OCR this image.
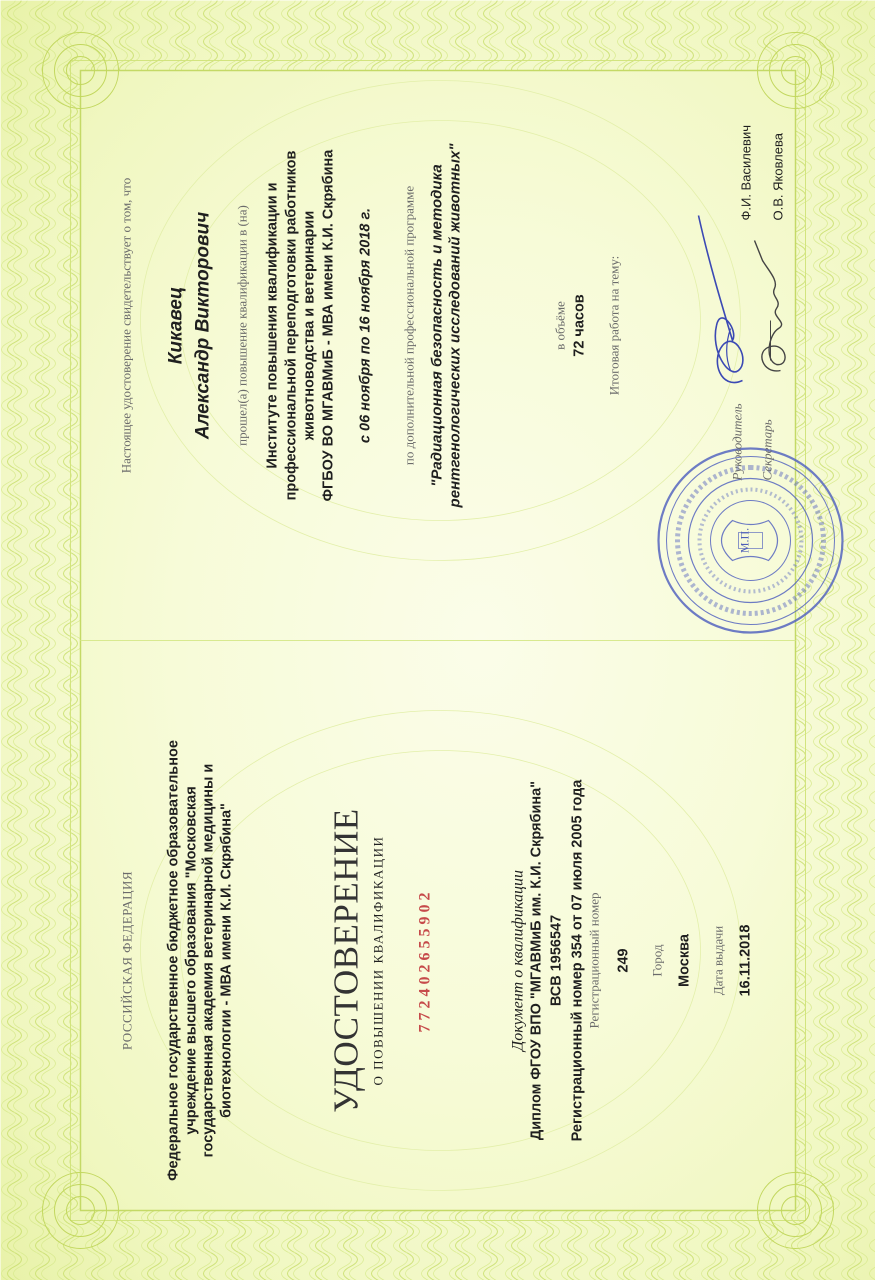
РОССИЙСКАЯ ФЕДЕРАЦИЯ Федеральное государственное бюджетное образовательное учреждение высшего образования "Московская государственная академия ветеринарной медицины и биотехнологии - МВА имени К.И. Скрябина"	УДОСТОВЕРЕНИЕ О ПОВЫШЕНИИ КВАЛИФИКАЦИИ 772402655902	Документ о квалификации Диплом ФГОУ ВПО "МГАВМиБ им. К.И. Скрябина" ВСВ 1956547 Регистрационный номер 354 от 07 июля 2005 года Регистрационный номер 249 Город Москва Дата выдачи 16.11.2018
Настоящее удостоверение свидетельствует о том, что Кикавец Александр Викторович прошел(а) повышение квалификации в (на) Институте повышения квалификации и профессиональной переподготовки работников животноводства и ветеринарии ФГБОУ ВО МГАВМиБ - МВА имени К.И. Скрябина с 06 ноября по 16 ноября 2018 г. по дополнительной профессиональной программе "Радиационная безопасность и методика рентгенологических исследований животных"	в объёме 72 часов Итоговая работа на тему:
М.П.
Руководитель Секретарь
Ф.И. Василевич О.В. Яковлева
